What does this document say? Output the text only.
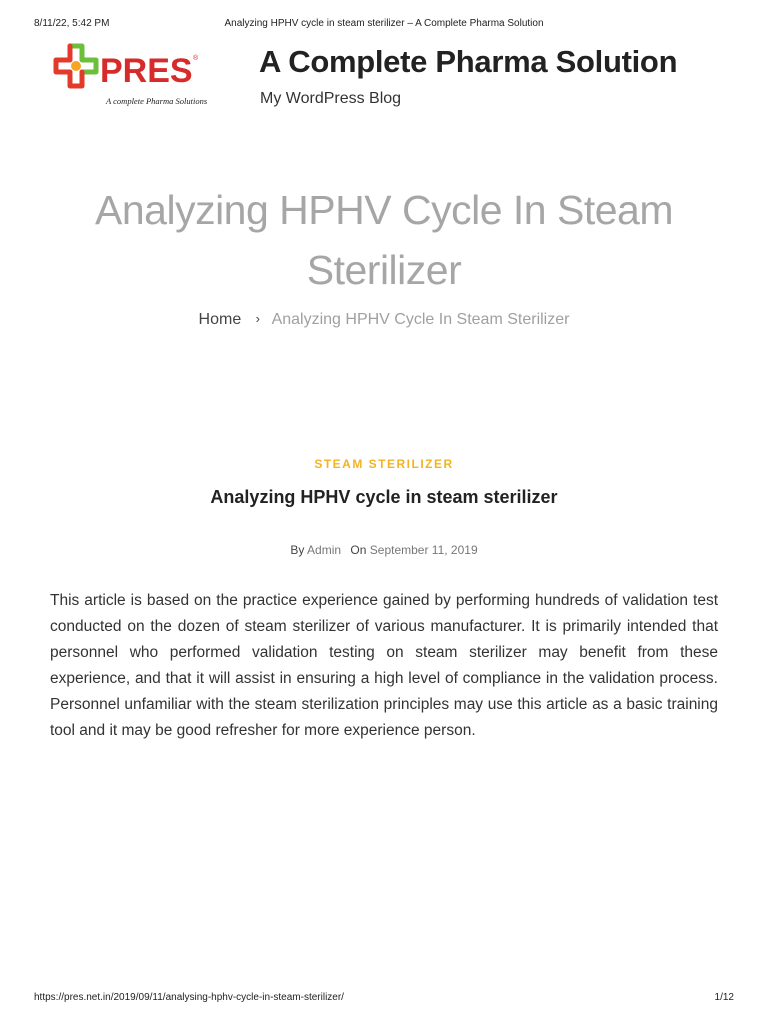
8/11/22, 5:42 PM	Analyzing HPHV cycle in steam sterilizer – A Complete Pharma Solution
PRES ®
A complete Pharma Solutions
A Complete Pharma Solution
My WordPress Blog
Analyzing HPHV Cycle In Steam Sterilizer
Home › Analyzing HPHV Cycle In Steam Sterilizer
STEAM STERILIZER
Analyzing HPHV cycle in steam sterilizer
By Admin On September 11, 2019

This article is based on the practice experience gained by performing hundreds of validation test conducted on the dozen of steam sterilizer of various manufacturer. It is primarily intended that personnel who performed validation testing on steam sterilizer may benefit from these experience, and that it will assist in ensuring a high level of compliance in the validation process. Personnel unfamiliar with the steam sterilization principles may use this article as a basic training tool and it may be good refresher for more experience person.

https://pres.net.in/2019/09/11/analysing-hphv-cycle-in-steam-sterilizer/	1/12
